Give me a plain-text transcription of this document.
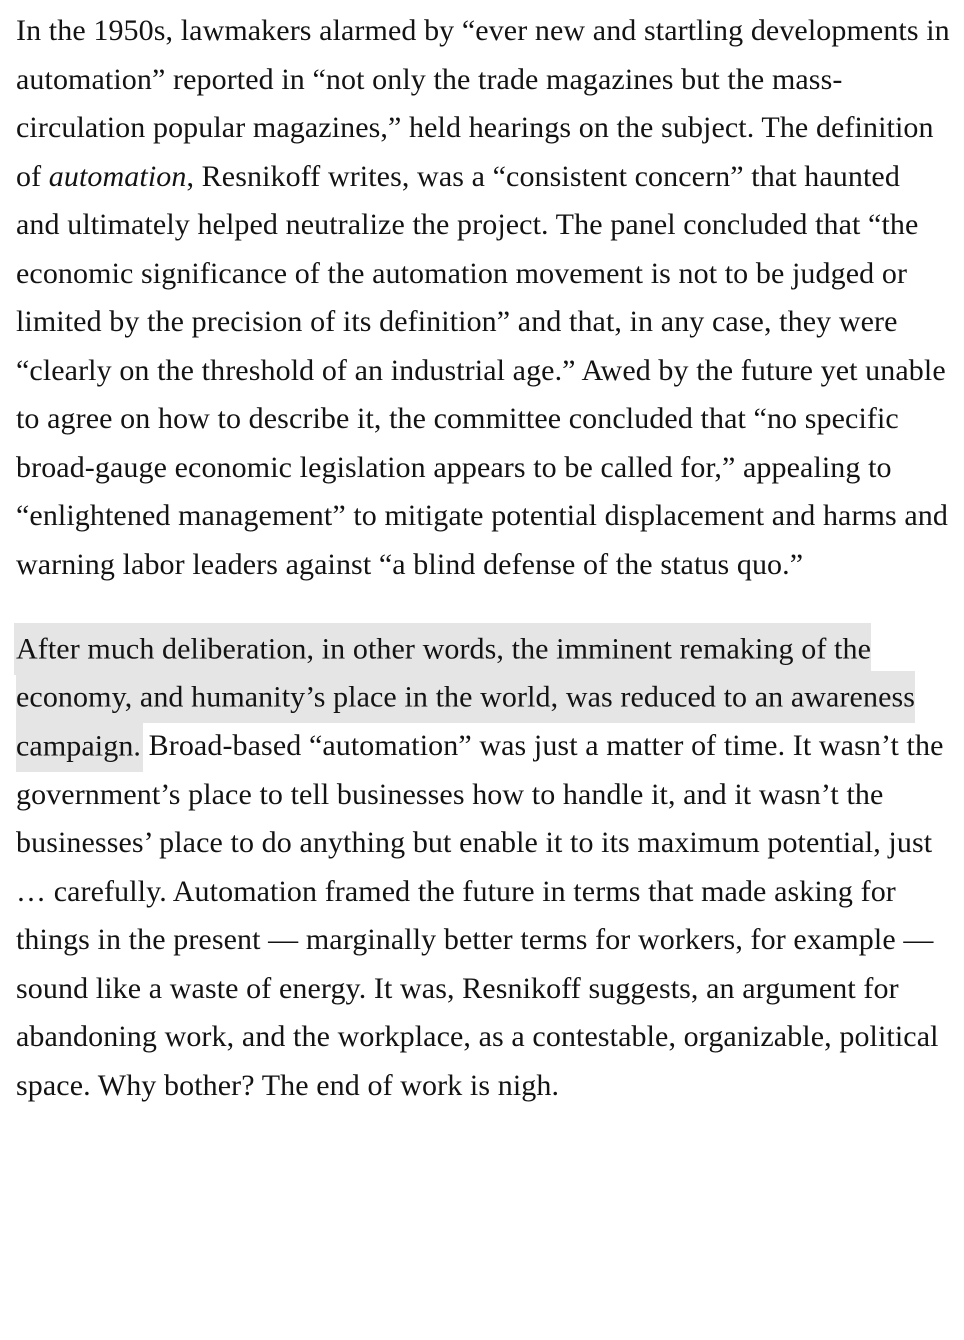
In the 1950s, lawmakers alarmed by “ever new and startling developments in automation” reported in “not only the trade magazines but the mass-circulation popular magazines,” held hearings on the subject. The definition of automation, Resnikoff writes, was a “consistent concern” that haunted and ultimately helped neutralize the project. The panel concluded that “the economic significance of the automation movement is not to be judged or limited by the precision of its definition” and that, in any case, they were “clearly on the threshold of an industrial age.” Awed by the future yet unable to agree on how to describe it, the committee concluded that “no specific broad-gauge economic legislation appears to be called for,” appealing to “enlightened management” to mitigate potential displacement and harms and warning labor leaders against “a blind defense of the status quo.”

After much deliberation, in other words, the imminent remaking of the economy, and humanity’s place in the world, was reduced to an awareness campaign. Broad-based “automation” was just a matter of time. It wasn’t the government’s place to tell businesses how to handle it, and it wasn’t the businesses’ place to do anything but enable it to its maximum potential, just … carefully. Automation framed the future in terms that made asking for things in the present — marginally better terms for workers, for example — sound like a waste of energy. It was, Resnikoff suggests, an argument for abandoning work, and the workplace, as a contestable, organizable, political space. Why bother? The end of work is nigh.
